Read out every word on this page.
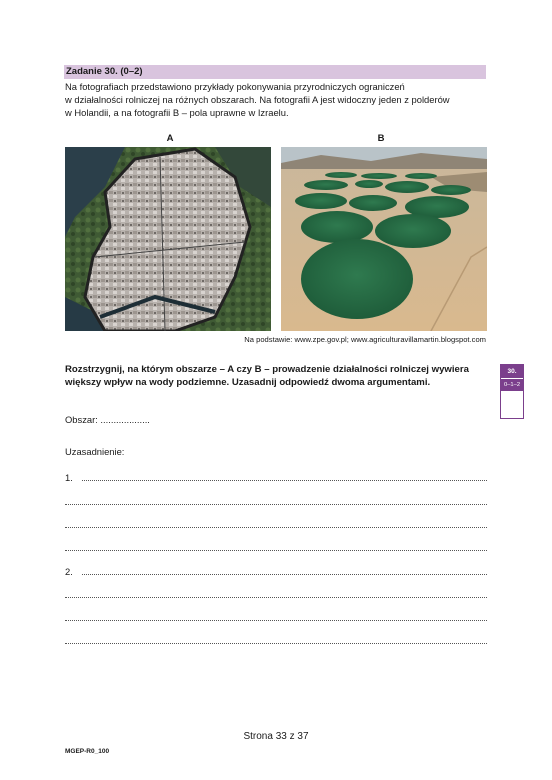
Zadanie 30. (0–2)
Na fotografiach przedstawiono przykłady pokonywania przyrodniczych ograniczeń
w działalności rolniczej na różnych obszarach. Na fotografii A jest widoczny jeden z polderów
w Holandii, a na fotografii B – pola uprawne w Izraelu.
A	B
Na podstawie: www.zpe.gov.pl; www.agriculturavillamartin.blogspot.com
Rozstrzygnij, na którym obszarze – A czy B – prowadzenie działalności rolniczej wywiera większy wpływ na wody podziemne. Uzasadnij odpowiedź dwoma argumentami.
30.
0–1–2
Obszar: ...................
Uzasadnienie:
1.
2.
Strona 33 z 37
MGEP-R0_100
